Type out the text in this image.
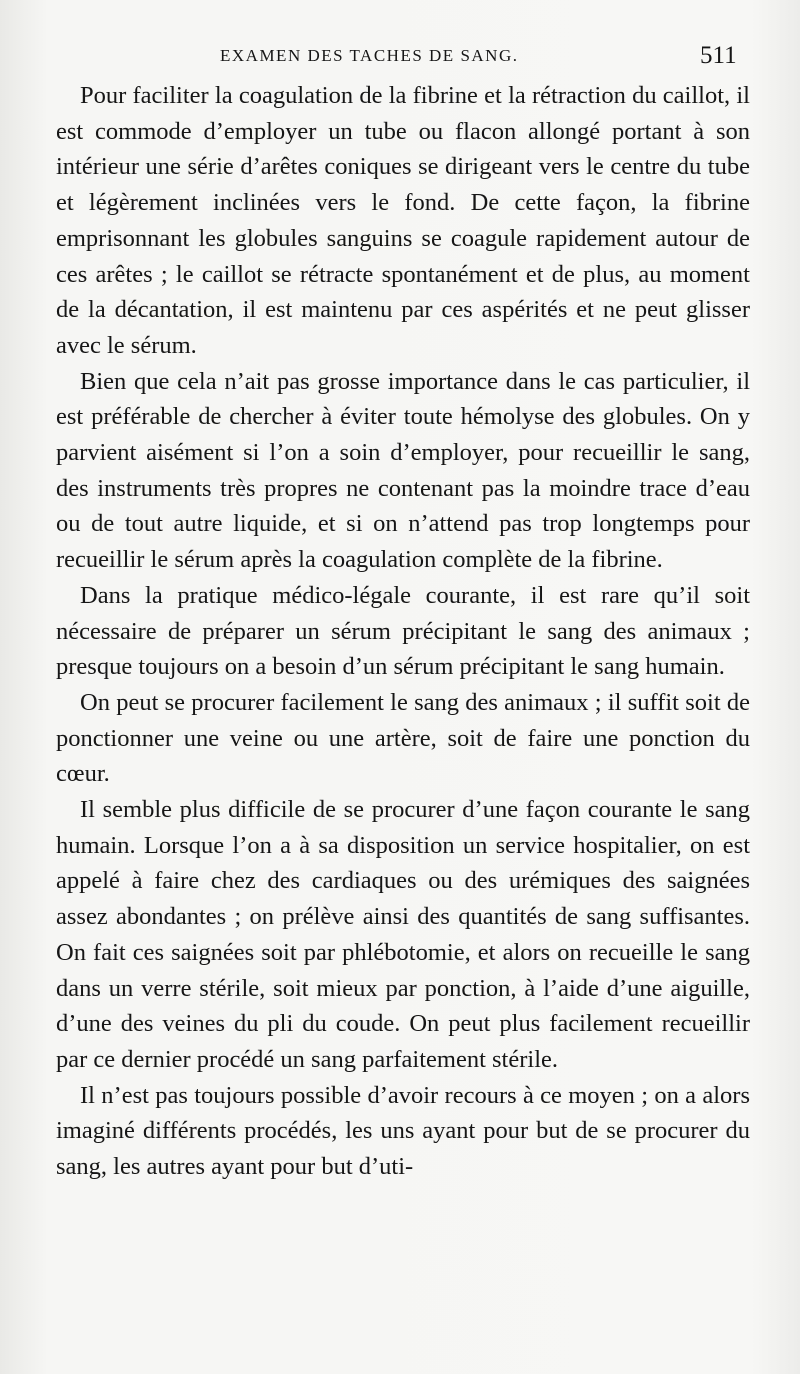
EXAMEN DES TACHES DE SANG.	511

Pour faciliter la coagulation de la fibrine et la rétraction du caillot, il est commode d’employer un tube ou flacon allongé portant à son intérieur une série d’arêtes coniques se dirigeant vers le centre du tube et légèrement inclinées vers le fond. De cette façon, la fibrine emprisonnant les globules sanguins se coagule rapidement autour de ces arêtes ; le caillot se rétracte spontanément et de plus, au moment de la décantation, il est maintenu par ces aspérités et ne peut glisser avec le sérum.

Bien que cela n’ait pas grosse importance dans le cas particulier, il est préférable de chercher à éviter toute hémolyse des globules. On y parvient aisément si l’on a soin d’employer, pour recueillir le sang, des instruments très propres ne contenant pas la moindre trace d’eau ou de tout autre liquide, et si on n’attend pas trop longtemps pour recueillir le sérum après la coagulation complète de la fibrine.

Dans la pratique médico-légale courante, il est rare qu’il soit nécessaire de préparer un sérum précipitant le sang des animaux ; presque toujours on a besoin d’un sérum précipitant le sang humain.

On peut se procurer facilement le sang des animaux ; il suffit soit de ponctionner une veine ou une artère, soit de faire une ponction du cœur.

Il semble plus difficile de se procurer d’une façon courante le sang humain. Lorsque l’on a à sa disposition un service hospitalier, on est appelé à faire chez des cardiaques ou des urémiques des saignées assez abondantes ; on prélève ainsi des quantités de sang suffisantes. On fait ces saignées soit par phlébotomie, et alors on recueille le sang dans un verre stérile, soit mieux par ponction, à l’aide d’une aiguille, d’une des veines du pli du coude. On peut plus facilement recueillir par ce dernier procédé un sang parfaitement stérile.

Il n’est pas toujours possible d’avoir recours à ce moyen ; on a alors imaginé différents procédés, les uns ayant pour but de se procurer du sang, les autres ayant pour but d’uti-
